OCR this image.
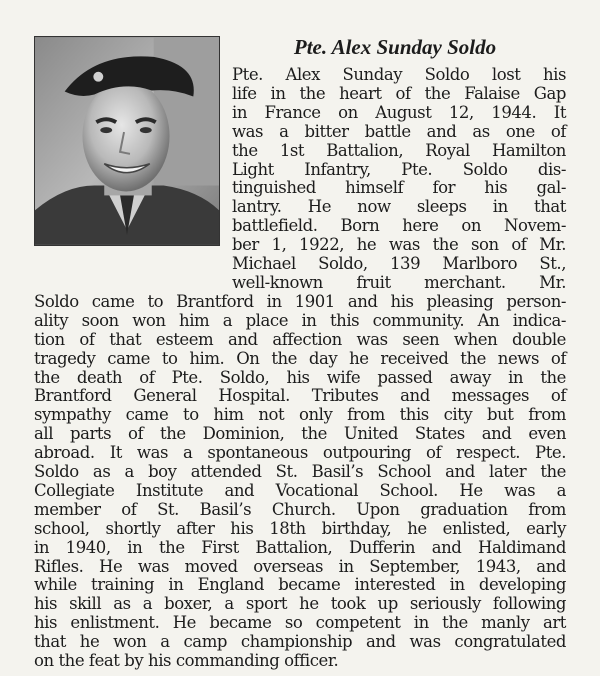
Pte. Alex Sunday Soldo
Pte. Alex Sunday Soldo lost his
life in the heart of the Falaise Gap
in France on August 12, 1944. It
was a bitter battle and as one of
the 1st Battalion, Royal Hamilton
Light Infantry, Pte. Soldo dis-
tinguished himself for his gal-
lantry. He now sleeps in that
battlefield. Born here on Novem-
ber 1, 1922, he was the son of Mr.
Michael Soldo, 139 Marlboro St.,
well-known fruit merchant. Mr.
Soldo came to Brantford in 1901 and his pleasing person-
ality soon won him a place in this community. An indica-
tion of that esteem and affection was seen when double
tragedy came to him. On the day he received the news of
the death of Pte. Soldo, his wife passed away in the
Brantford General Hospital. Tributes and messages of
sympathy came to him not only from this city but from
all parts of the Dominion, the United States and even
abroad. It was a spontaneous outpouring of respect. Pte.
Soldo as a boy attended St. Basil’s School and later the
Collegiate Institute and Vocational School. He was a
member of St. Basil’s Church. Upon graduation from
school, shortly after his 18th birthday, he enlisted, early
in 1940, in the First Battalion, Dufferin and Haldimand
Rifles. He was moved overseas in September, 1943, and
while training in England became interested in developing
his skill as a boxer, a sport he took up seriously following
his enlistment. He became so competent in the manly art
that he won a camp championship and was congratulated
on the feat by his commanding officer.
